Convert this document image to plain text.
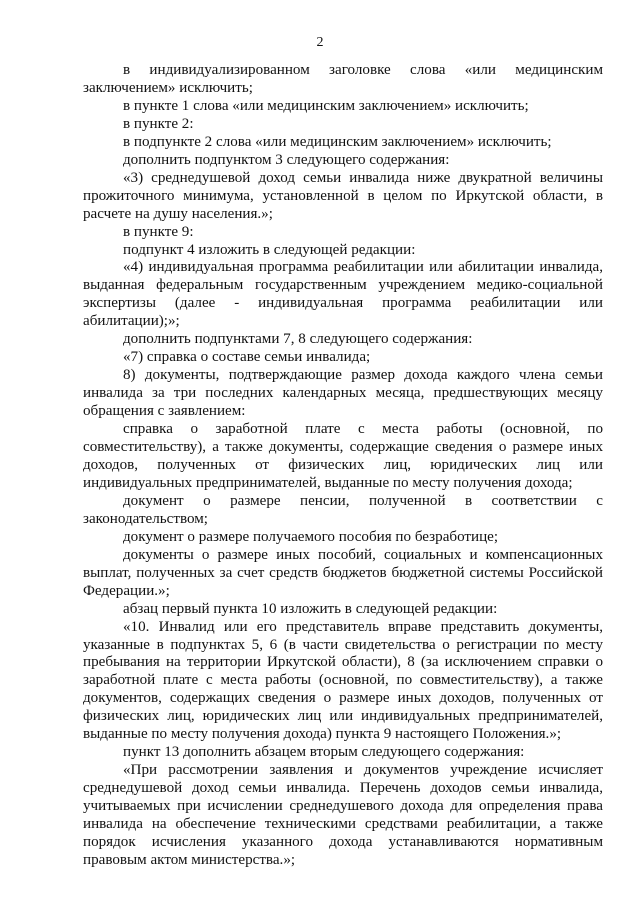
2

в индивидуализированном заголовке слова «или медицинским заключением» исключить;

в пункте 1 слова «или медицинским заключением» исключить;

в пункте 2:

в подпункте 2 слова «или медицинским заключением» исключить;

дополнить подпунктом 3 следующего содержания:

«3) среднедушевой доход семьи инвалида ниже двукратной величины прожиточного минимума, установленной в целом по Иркутской области, в расчете на душу населения.»;

в пункте 9:

подпункт 4 изложить в следующей редакции:

«4) индивидуальная программа реабилитации или абилитации инвалида, выданная федеральным государственным учреждением медико-социальной экспертизы (далее - индивидуальная программа реабилитации или абилитации);»;

дополнить подпунктами 7, 8 следующего содержания:

«7) справка о составе семьи инвалида;

8) документы, подтверждающие размер дохода каждого члена семьи инвалида за три последних календарных месяца, предшествующих месяцу обращения с заявлением:

справка о заработной плате с места работы (основной, по совместительству), а также документы, содержащие сведения о размере иных доходов, полученных от физических лиц, юридических лиц или индивидуальных предпринимателей, выданные по месту получения дохода;

документ о размере пенсии, полученной в соответствии с законодательством;

документ о размере получаемого пособия по безработице;

документы о размере иных пособий, социальных и компенсационных выплат, полученных за счет средств бюджетов бюджетной системы Российской Федерации.»;

абзац первый пункта 10 изложить в следующей редакции:

«10. Инвалид или его представитель вправе представить документы, указанные в подпунктах 5, 6 (в части свидетельства о регистрации по месту пребывания на территории Иркутской области), 8 (за исключением справки о заработной плате с места работы (основной, по совместительству), а также документов, содержащих сведения о размере иных доходов, полученных от физических лиц, юридических лиц или индивидуальных предпринимателей, выданные по месту получения дохода) пункта 9 настоящего Положения.»;

пункт 13 дополнить абзацем вторым следующего содержания:

«При рассмотрении заявления и документов учреждение исчисляет среднедушевой доход семьи инвалида. Перечень доходов семьи инвалида, учитываемых при исчислении среднедушевого дохода для определения права инвалида на обеспечение техническими средствами реабилитации, а также порядок исчисления указанного дохода устанавливаются нормативным правовым актом министерства.»;
